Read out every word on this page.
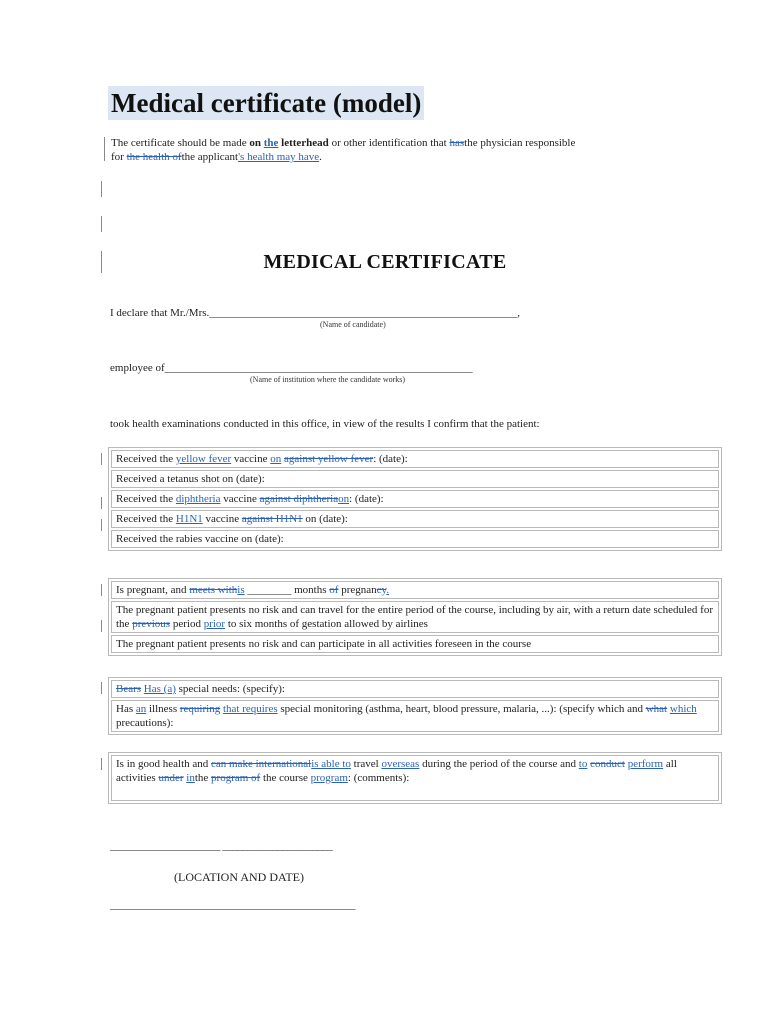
Medical certificate (model)
The certificate should be made on the letterhead or other identification that hasthe physician responsible
for the health ofthe applicant's health may have.
MEDICAL CERTIFICATE
I declare that Mr./Mrs.________________________________________________________,
(Name of candidate)
employee of________________________________________________________
(Name of institution where the candidate works)
took health examinations conducted in this office, in view of the results I confirm that the patient:
Received the yellow fever vaccine on against yellow fever: (date):
Received a tetanus shot on (date):
Received the diphtheria vaccine against diphtheriaon: (date):
Received the H1N1 vaccine against H1N1 on (date):
Received the rabies vaccine on (date):
Is pregnant, and meets withis ________ months of pregnancy.
The pregnant patient presents no risk and can travel for the entire period of the course, including by air, with a return date scheduled for the previous period prior to six months of gestation allowed by airlines
The pregnant patient presents no risk and can participate in all activities foreseen in the course
Bears Has (a) special needs: (specify):
Has an illness requiring that requires special monitoring (asthma, heart, blood pressure, malaria, ...): (specify which and what which precautions):
Is in good health and can make internationalis able to travel overseas during the period of the course and to conduct perform all activities under inthe program of the course program: (comments):
______________________ ______________________
(LOCATION AND DATE)
_________________________________________________
